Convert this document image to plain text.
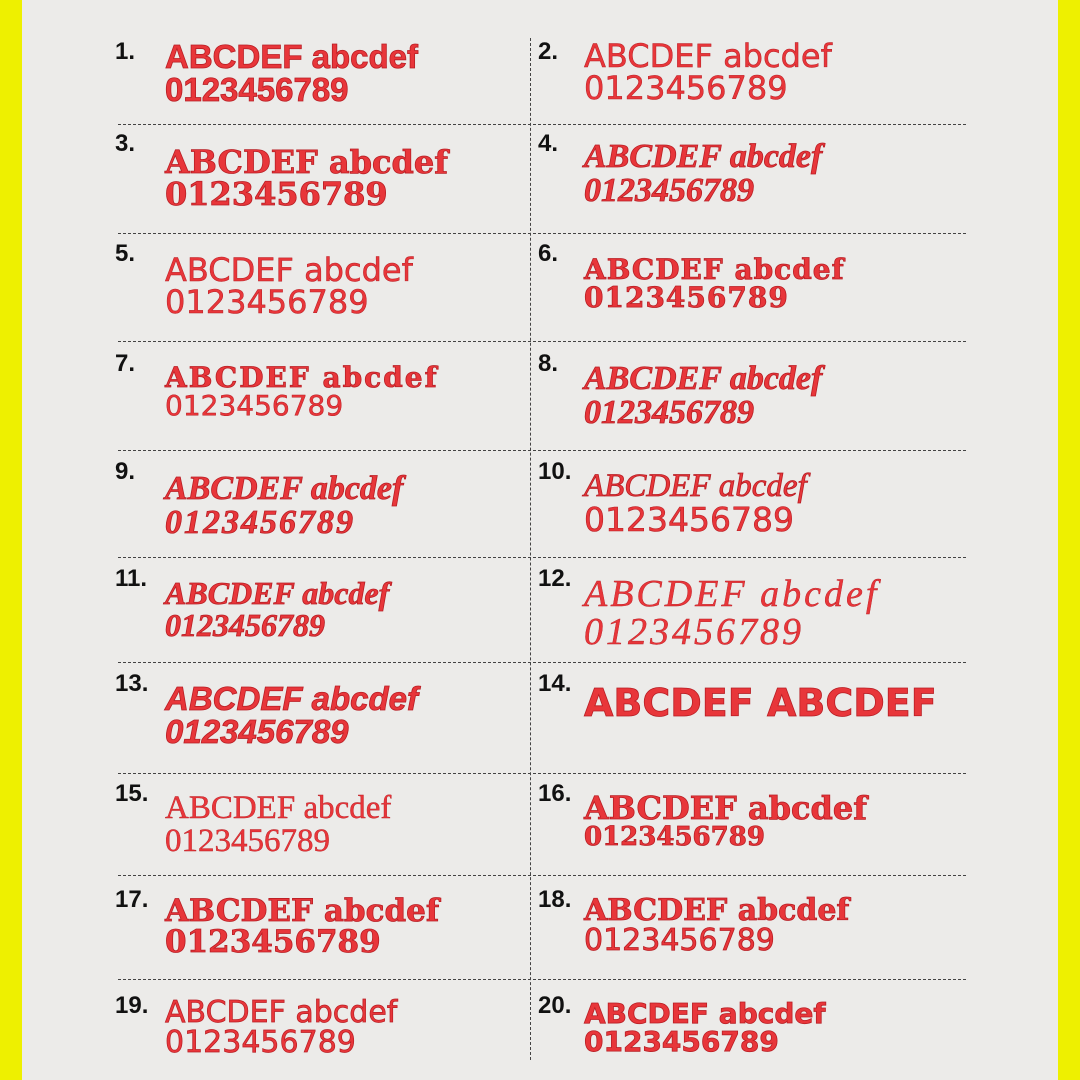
1. ABCDEF abcdef
0123456789
2. ABCDEF abcdef
0123456789
3. ABCDEF abcdef
0123456789
4. ABCDEF abcdef
0123456789
5. ABCDEF abcdef
0123456789
6. ABCDEF abcdef
0123456789
7. ABCDEF abcdef
0123456789
8. ABCDEF abcdef
0123456789
9. ABCDEF abcdef
0123456789
10. ABCDEF abcdef
0123456789
11. ABCDEF abcdef
0123456789
12. ABCDEF abcdef
0123456789
13. ABCDEF abcdef
0123456789
14. ABCDEF ABCDEF
15. ABCDEF abcdef
0123456789
16. ABCDEF abcdef
0123456789
17. ABCDEF abcdef
0123456789
18. ABCDEF abcdef
0123456789
19. ABCDEF abcdef
0123456789
20. ABCDEF abcdef
0123456789
